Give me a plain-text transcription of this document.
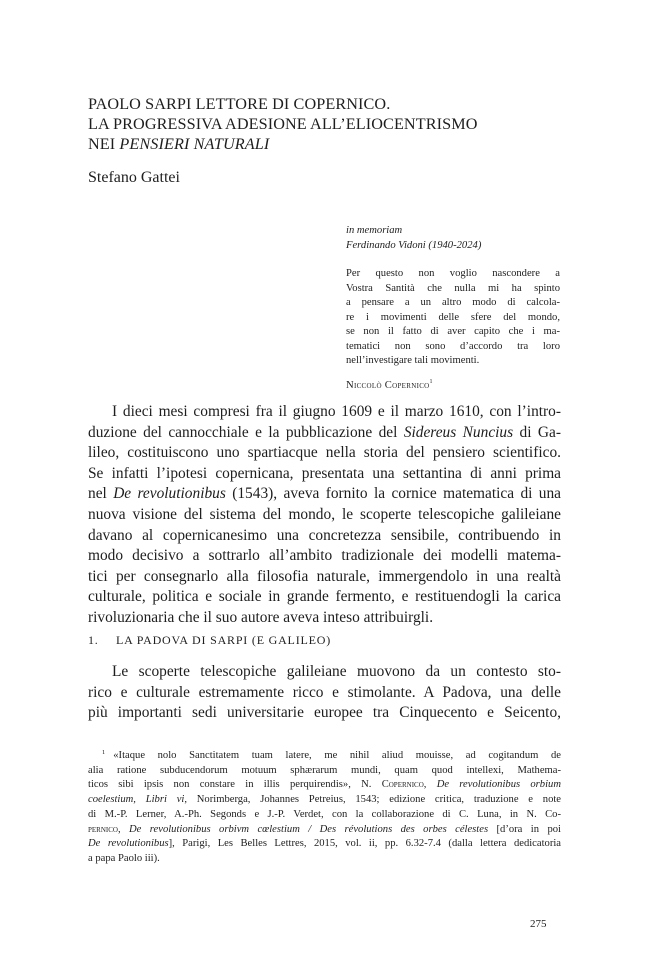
PAOLO SARPI LETTORE DI COPERNICO.
LA PROGRESSIVA ADESIONE ALL’ELIOCENTRISMO
NEI PENSIERI NATURALI
Stefano Gattei
in memoriam
Ferdinando Vidoni (1940-2024)
Per questo non voglio nascondere a
Vostra Santità che nulla mi ha spinto
a pensare a un altro modo di calcola-
re i movimenti delle sfere del mondo,
se non il fatto di aver capito che i ma-
tematici non sono d’accordo tra loro
nell’investigare tali movimenti.
Niccolò Copernico$^1$
I dieci mesi compresi fra il giugno 1609 e il marzo 1610, con l’intro-
duzione del cannocchiale e la pubblicazione del Sidereus Nuncius di Ga-
lileo, costituiscono uno spartiacque nella storia del pensiero scientifico.
Se infatti l’ipotesi copernicana, presentata una settantina di anni prima
nel De revolutionibus (1543), aveva fornito la cornice matematica di una
nuova visione del sistema del mondo, le scoperte telescopiche galileiane
davano al copernicanesimo una concretezza sensibile, contribuendo in
modo decisivo a sottrarlo all’ambito tradizionale dei modelli matema-
tici per consegnarlo alla filosofia naturale, immergendolo in una realtà
culturale, politica e sociale in grande fermento, e restituendogli la carica
rivoluzionaria che il suo autore aveva inteso attribuirgli.
1. LA PADOVA DI SARPI (E GALILEO)
Le scoperte telescopiche galileiane muovono da un contesto sto-
rico e culturale estremamente ricco e stimolante. A Padova, una delle
più importanti sedi universitarie europee tra Cinquecento e Seicento,
$^1$ «Itaque nolo Sanctitatem tuam latere, me nihil aliud mouisse, ad cogitandum de
alia ratione subducendorum motuum sphærarum mundi, quam quod intellexi, Mathema-
ticos sibi ipsis non constare in illis perquirendis», N. Copernico, De revolutionibus orbium
coelestium, Libri vi, Norimberga, Johannes Petreius, 1543; edizione critica, traduzione e note
di M.-P. Lerner, A.-Ph. Segonds e J.-P. Verdet, con la collaborazione di C. Luna, in N. Co-
pernico, De revolutionibus orbivm cœlestium / Des révolutions des orbes célestes [d’ora in poi
De revolutionibus], Parigi, Les Belles Lettres, 2015, vol. ii, pp. 6.32-7.4 (dalla lettera dedicatoria
a papa Paolo iii).
275
